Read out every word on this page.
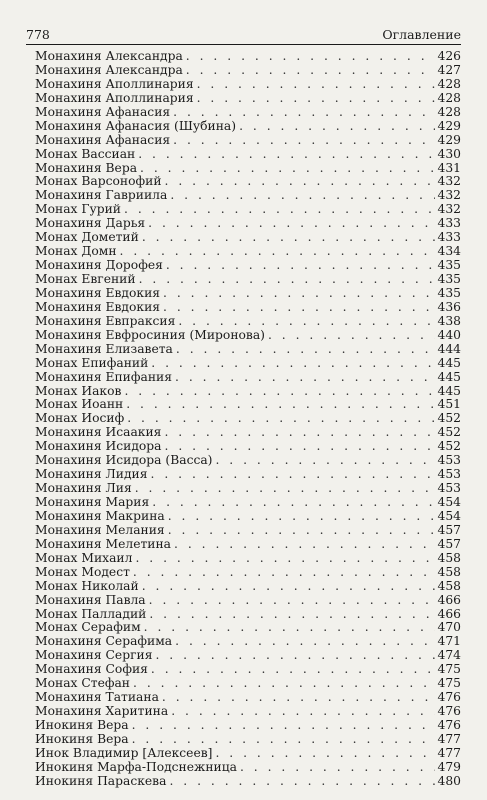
778	Оглавление
Монахиня Александра . . .	426
Монахиня Александра . . .	427
Монахиня Аполлинария . . .	428
Монахиня Аполлинария . . .	428
Монахиня Афанасия . . .	428
Монахиня Афанасия (Шубина) . . .	429
Монахиня Афанасия . . .	429
Монах Вассиан . . .	430
Монахиня Вера . . .	431
Монах Варсонофий . . .	432
Монахиня Гавриила . . .	432
Монах Гурий . . .	432
Монахиня Дарья . . .	433
Монах Дометий . . .	433
Монах Домн . . .	434
Монахиня Дорофея . . .	435
Монах Евгений . . .	435
Монахиня Евдокия . . .	435
Монахиня Евдокия . . .	436
Монахиня Евпраксия . . .	438
Монахиня Евфросиния (Миронова) . . .	440
Монахиня Елизавета . . .	444
Монах Епифаний . . .	445
Монахиня Епифания . . .	445
Монах Иаков . . .	445
Монах Иоанн . . .	451
Монах Иосиф . . .	452
Монахиня Исаакия . . .	452
Монахиня Исидора . . .	452
Монахиня Исидора (Васса) . . .	453
Монахиня Лидия . . .	453
Монахиня Лия . . .	453
Монахиня Мария . . .	454
Монахиня Макрина . . .	454
Монахиня Мелания . . .	457
Монахиня Мелетина . . .	457
Монах Михаил . . .	458
Монах Модест . . .	458
Монах Николай . . .	458
Монахиня Павла . . .	466
Монах Палладий . . .	466
Монах Серафим . . .	470
Монахиня Серафима . . .	471
Монахиня Сергия . . .	474
Монахиня София . . .	475
Монах Стефан . . .	475
Монахиня Татиана . . .	476
Монахиня Харитина . . .	476
Инокиня Вера . . .	476
Инокиня Вера . . .	477
Инок Владимир [Алексеев] . . .	477
Инокиня Марфа-Подснежница . . .	479
Инокиня Параскева . . .	480
